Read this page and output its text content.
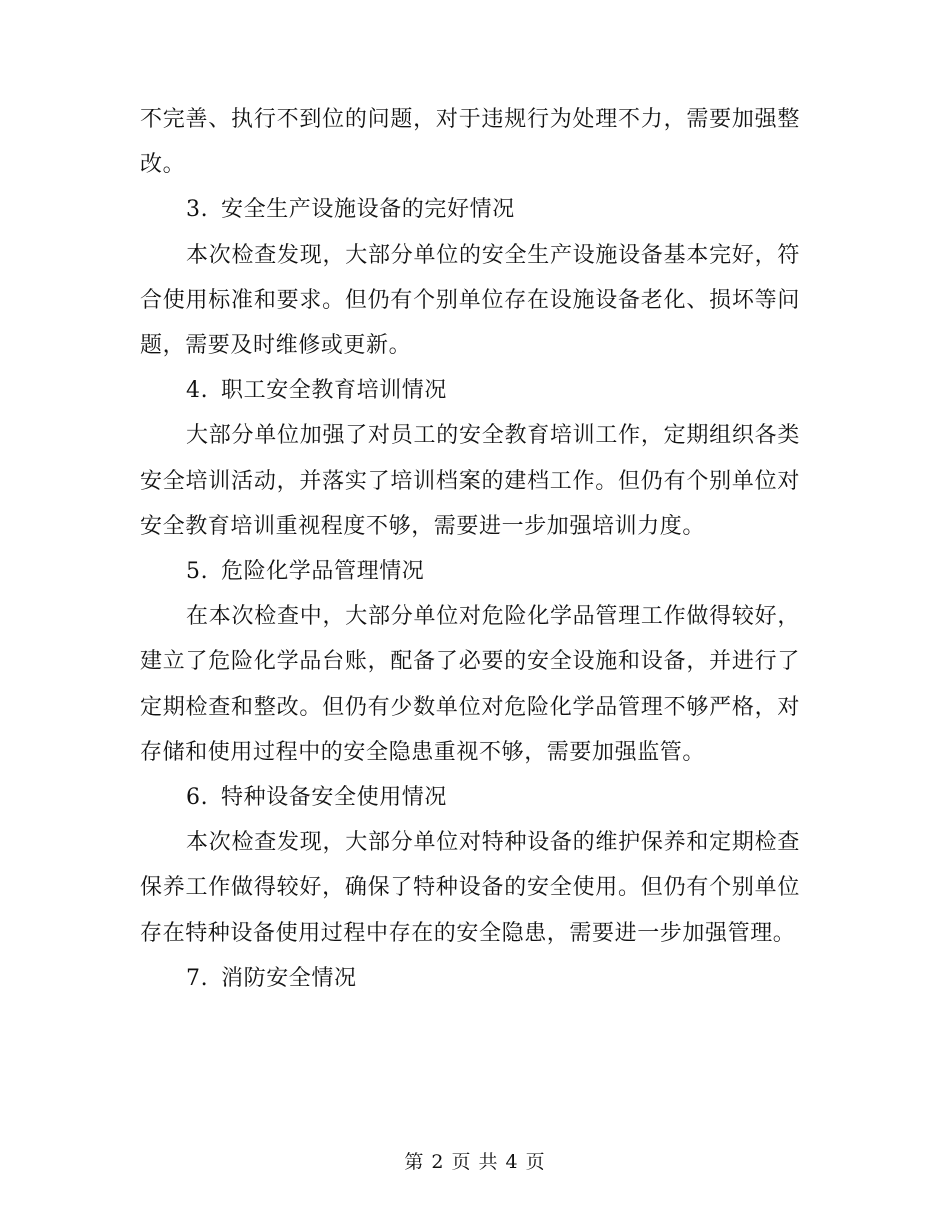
不完善、执行不到位的问题，对于违规行为处理不力，需要加强整改。

3. 安全生产设施设备的完好情况

本次检查发现，大部分单位的安全生产设施设备基本完好，符合使用标准和要求。但仍有个别单位存在设施设备老化、损坏等问题，需要及时维修或更新。

4. 职工安全教育培训情况

大部分单位加强了对员工的安全教育培训工作，定期组织各类安全培训活动，并落实了培训档案的建档工作。但仍有个别单位对安全教育培训重视程度不够，需要进一步加强培训力度。

5. 危险化学品管理情况

在本次检查中，大部分单位对危险化学品管理工作做得较好，建立了危险化学品台账，配备了必要的安全设施和设备，并进行了定期检查和整改。但仍有少数单位对危险化学品管理不够严格，对存储和使用过程中的安全隐患重视不够，需要加强监管。

6. 特种设备安全使用情况

本次检查发现，大部分单位对特种设备的维护保养和定期检查保养工作做得较好，确保了特种设备的安全使用。但仍有个别单位存在特种设备使用过程中存在的安全隐患，需要进一步加强管理。

7. 消防安全情况

第 2 页 共 4 页
